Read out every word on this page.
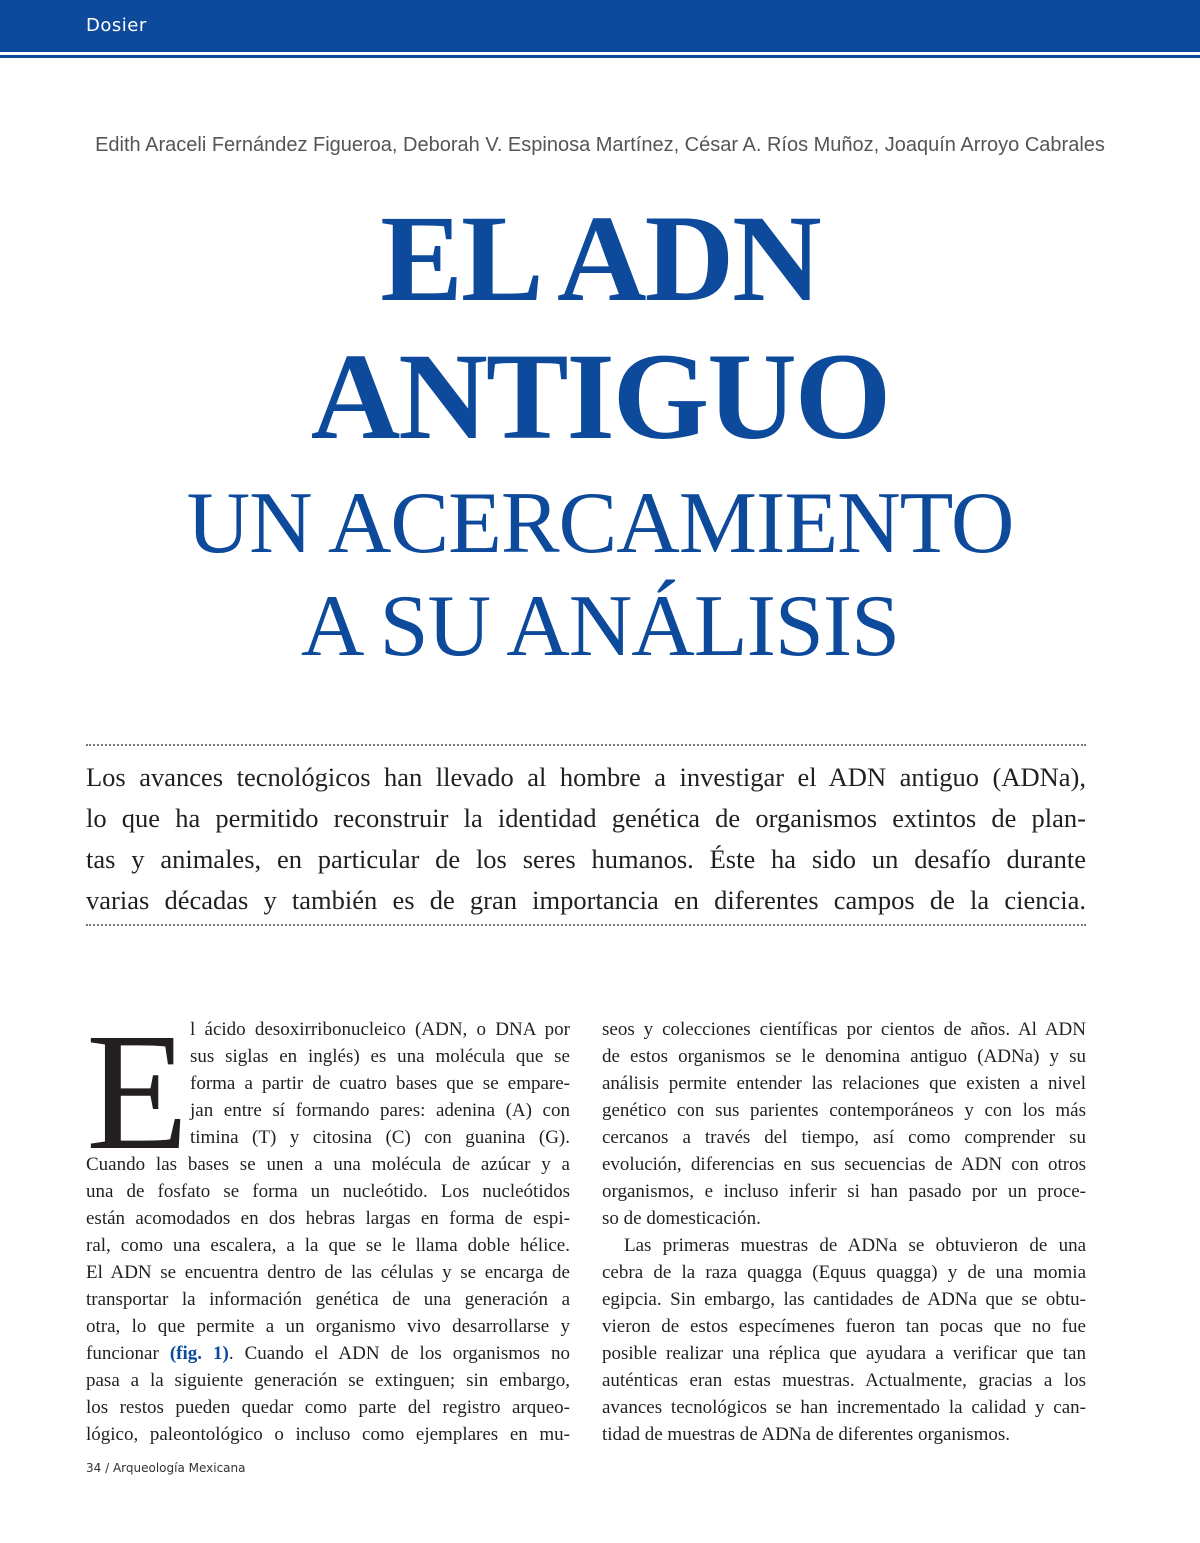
Dosier
Edith Araceli Fernández Figueroa, Deborah V. Espinosa Martínez, César A. Ríos Muñoz, Joaquín Arroyo Cabrales
EL ADN
ANTIGUO
UN ACERCAMIENTO
A SU ANÁLISIS
Los avances tecnológicos han llevado al hombre a investigar el ADN antiguo (ADNa),
lo que ha permitido reconstruir la identidad genética de organismos extintos de plan-
tas y animales, en particular de los seres humanos. Éste ha sido un desafío durante
varias décadas y también es de gran importancia en diferentes campos de la ciencia.
E l ácido desoxirribonucleico (ADN, o DNA por
sus siglas en inglés) es una molécula que se
forma a partir de cuatro bases que se empare-
jan entre sí formando pares: adenina (A) con
timina (T) y citosina (C) con guanina (G).
Cuando las bases se unen a una molécula de azúcar y a
una de fosfato se forma un nucleótido. Los nucleótidos
están acomodados en dos hebras largas en forma de espi-
ral, como una escalera, a la que se le llama doble hélice.
El ADN se encuentra dentro de las células y se encarga de
transportar la información genética de una generación a
otra, lo que permite a un organismo vivo desarrollarse y
funcionar (fig. 1). Cuando el ADN de los organismos no
pasa a la siguiente generación se extinguen; sin embargo,
los restos pueden quedar como parte del registro arqueo-
lógico, paleontológico o incluso como ejemplares en mu-
seos y colecciones científicas por cientos de años. Al ADN
de estos organismos se le denomina antiguo (ADNa) y su
análisis permite entender las relaciones que existen a nivel
genético con sus parientes contemporáneos y con los más
cercanos a través del tiempo, así como comprender su
evolución, diferencias en sus secuencias de ADN con otros
organismos, e incluso inferir si han pasado por un proce-
so de domesticación.
Las primeras muestras de ADNa se obtuvieron de una
cebra de la raza quagga (Equus quagga) y de una momia
egipcia. Sin embargo, las cantidades de ADNa que se obtu-
vieron de estos especímenes fueron tan pocas que no fue
posible realizar una réplica que ayudara a verificar que tan
auténticas eran estas muestras. Actualmente, gracias a los
avances tecnológicos se han incrementado la calidad y can-
tidad de muestras de ADNa de diferentes organismos.
34 / Arqueología Mexicana
